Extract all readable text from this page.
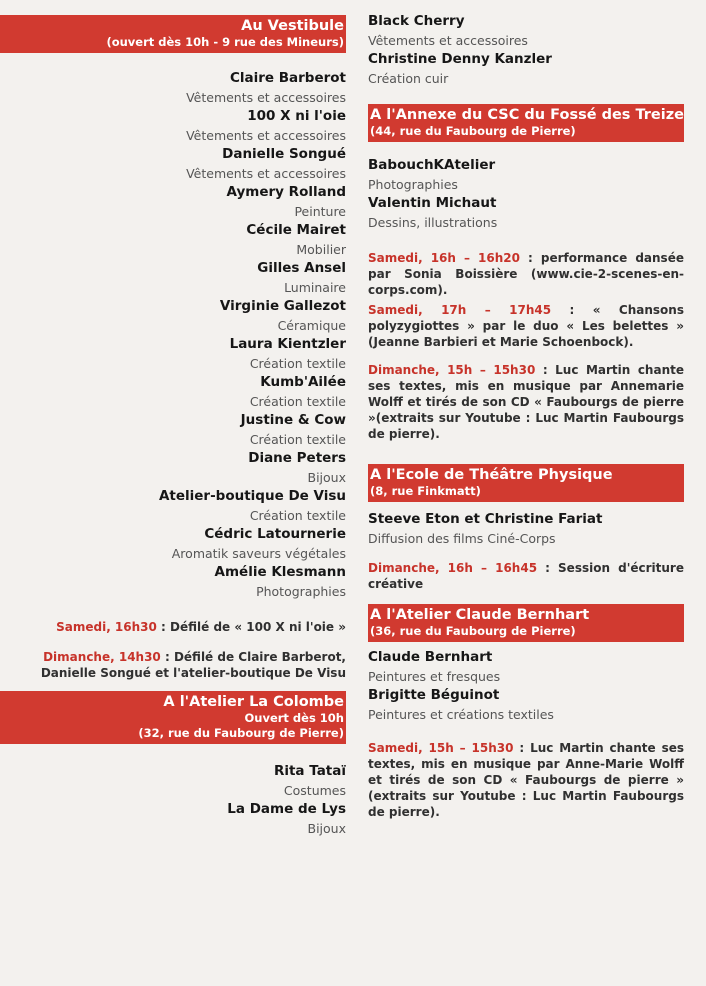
Au Vestibule
(ouvert dès 10h - 9 rue des Mineurs)
Claire Barberot
Vêtements et accessoires
100 X ni l'oie
Vêtements et accessoires
Danielle Songué
Vêtements et accessoires
Aymery Rolland
Peinture
Cécile Mairet
Mobilier
Gilles Ansel
Luminaire
Virginie Gallezot
Céramique
Laura Kientzler
Création textile
Kumb'Ailée
Création textile
Justine & Cow
Création textile
Diane Peters
Bijoux
Atelier-boutique De Visu
Création textile
Cédric Latournerie
Aromatik saveurs végétales
Amélie Klesmann
Photographies
Samedi, 16h30 : Défilé de « 100 X ni l'oie »
Dimanche, 14h30 : Défilé de Claire Barberot, Danielle Songué et l'atelier-boutique De Visu
A l'Atelier La Colombe
Ouvert dès 10h
(32, rue du Faubourg de Pierre)
Rita Tataï
Costumes
La Dame de Lys
Bijoux
Black Cherry
Vêtements et accessoires
Christine Denny Kanzler
Création cuir
A l'Annexe du CSC du Fossé des Treize
(44, rue du Faubourg de Pierre)
BabouchKAtelier
Photographies
Valentin Michaut
Dessins, illustrations
Samedi, 16h – 16h20 : performance dansée par Sonia Boissière (www.cie-2-scenes-en-corps.com).
Samedi, 17h – 17h45 : « Chansons polyzygiottes » par le duo « Les belettes » (Jeanne Barbieri et Marie Schoenbock).
Dimanche, 15h – 15h30 : Luc Martin chante ses textes, mis en musique par Annemarie Wolff et tirés de son CD « Faubourgs de pierre »(extraits sur Youtube : Luc Martin Faubourgs de pierre).
A l'Ecole de Théâtre Physique
(8, rue Finkmatt)
Steeve Eton et Christine Fariat
Diffusion des films Ciné-Corps
Dimanche, 16h – 16h45 : Session d'écriture créative
A l'Atelier Claude Bernhart
(36, rue du Faubourg de Pierre)
Claude Bernhart
Peintures et fresques
Brigitte Béguinot
Peintures et créations textiles
Samedi, 15h – 15h30 : Luc Martin chante ses textes, mis en musique par Anne-Marie Wolff et tirés de son CD « Faubourgs de pierre » (extraits sur Youtube : Luc Martin Faubourgs de pierre).
